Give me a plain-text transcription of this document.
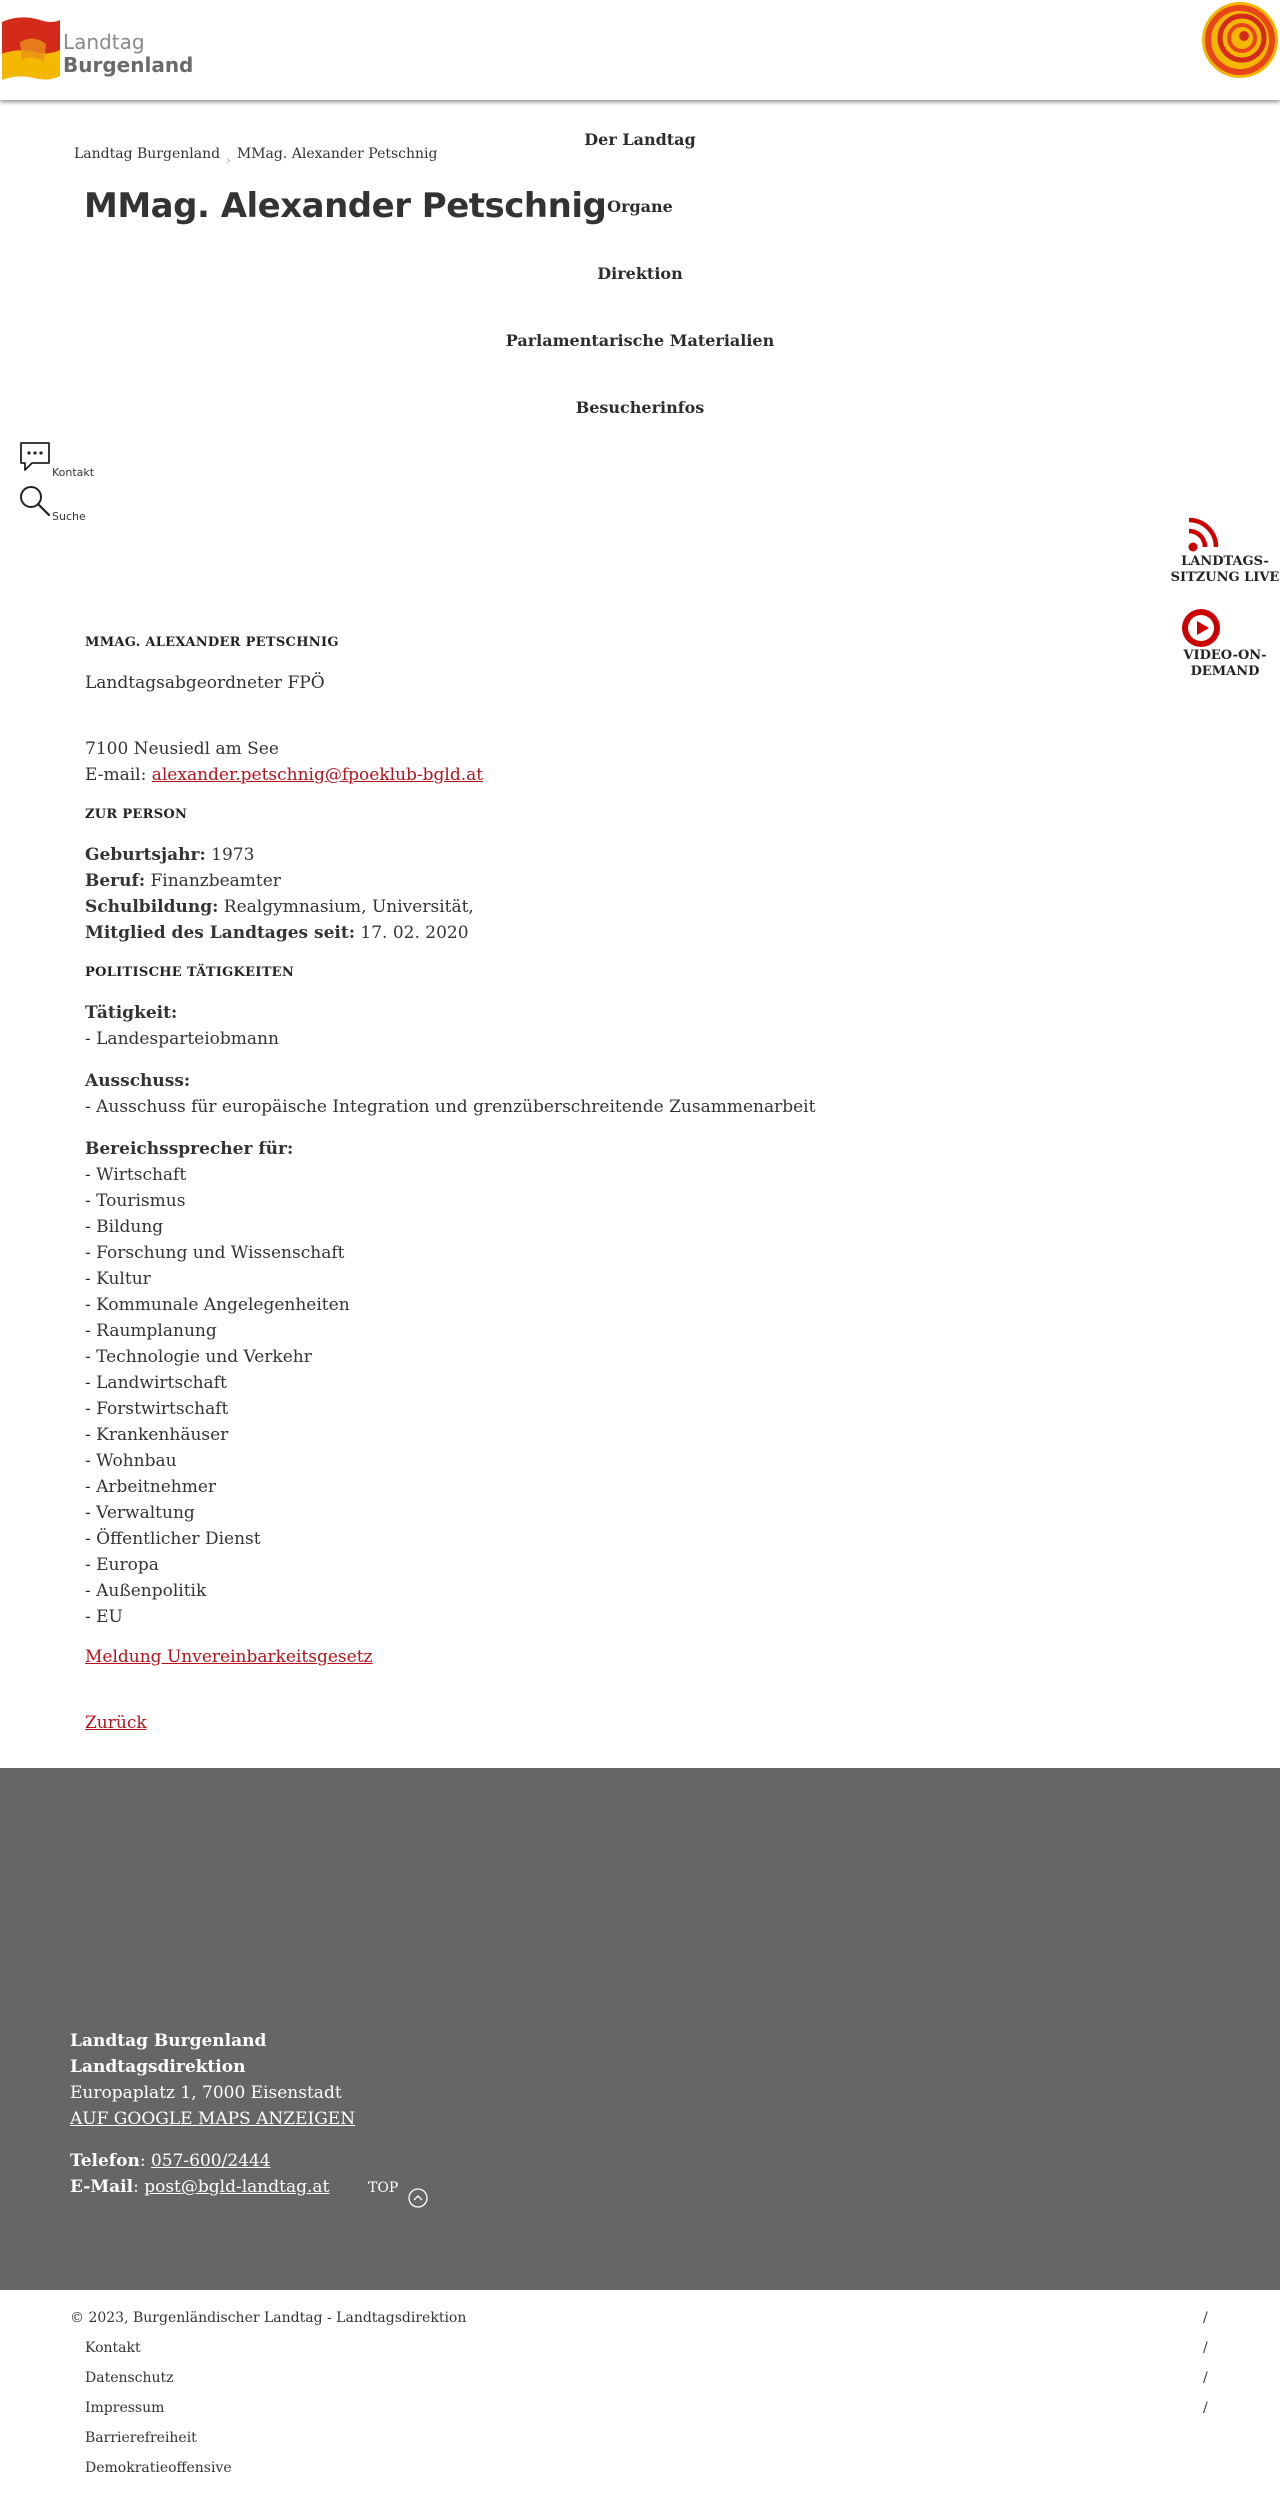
Landtag
Burgenland
Der Landtag
Organe
Direktion
Parlamentarische Materialien
Besucherinfos
Landtag Burgenland › MMag. Alexander Petschnig
MMag. Alexander Petschnig
Kontakt
Suche
LANDTAGS-
SITZUNG LIVE
VIDEO-ON-
DEMAND
MMAG. ALEXANDER PETSCHNIG
Landtagsabgeordneter FPÖ
7100 Neusiedl am See
E-mail: alexander.petschnig@fpoeklub-bgld.at
ZUR PERSON
Geburtsjahr: 1973
Beruf: Finanzbeamter
Schulbildung: Realgymnasium, Universität,
Mitglied des Landtages seit: 17. 02. 2020
POLITISCHE TÄTIGKEITEN
Tätigkeit:
- Landesparteiobmann
Ausschuss:
- Ausschuss für europäische Integration und grenzüberschreitende Zusammenarbeit
Bereichssprecher für:
- Wirtschaft
- Tourismus
- Bildung
- Forschung und Wissenschaft
- Kultur
- Kommunale Angelegenheiten
- Raumplanung
- Technologie und Verkehr
- Landwirtschaft
- Forstwirtschaft
- Krankenhäuser
- Wohnbau
- Arbeitnehmer
- Verwaltung
- Öffentlicher Dienst
- Europa
- Außenpolitik
- EU
Meldung Unvereinbarkeitsgesetz
Zurück
Landtag Burgenland
Landtagsdirektion
Europaplatz 1, 7000 Eisenstadt
AUF GOOGLE MAPS ANZEIGEN
Telefon: 057-600/2444
E-Mail: post@bgld-landtag.at	TOP
© 2023, Burgenländischer Landtag - Landtagsdirektion	/
Kontakt	/
Datenschutz	/
Impressum	/
Barrierefreiheit
Demokratieoffensive
